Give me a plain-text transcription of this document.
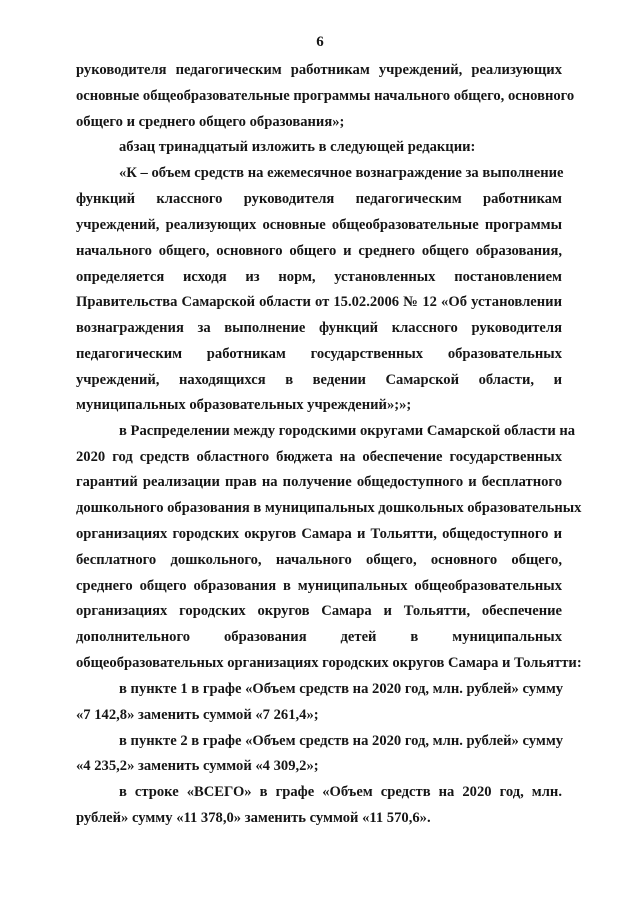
6
руководителя педагогическим работникам учреждений, реализующих
основные общеобразовательные программы начального общего, основного
общего и среднего общего образования»;
абзац тринадцатый изложить в следующей редакции:
«К – объем средств на ежемесячное вознаграждение за выполнение
функций классного руководителя педагогическим работникам
учреждений, реализующих основные общеобразовательные программы
начального общего, основного общего и среднего общего образования,
определяется исходя из норм, установленных постановлением
Правительства Самарской области от 15.02.2006 № 12 «Об установлении
вознаграждения за выполнение функций классного руководителя
педагогическим работникам государственных образовательных
учреждений, находящихся в ведении Самарской области, и
муниципальных образовательных учреждений»;»;
в Распределении между городскими округами Самарской области на
2020 год средств областного бюджета на обеспечение государственных
гарантий реализации прав на получение общедоступного и бесплатного
дошкольного образования в муниципальных дошкольных образовательных
организациях городских округов Самара и Тольятти, общедоступного и
бесплатного дошкольного, начального общего, основного общего,
среднего общего образования в муниципальных общеобразовательных
организациях городских округов Самара и Тольятти, обеспечение
дополнительного образования детей в муниципальных
общеобразовательных организациях городских округов Самара и Тольятти:
в пункте 1 в графе «Объем средств на 2020 год, млн. рублей» сумму
«7 142,8» заменить суммой «7 261,4»;
в пункте 2 в графе «Объем средств на 2020 год, млн. рублей» сумму
«4 235,2» заменить суммой «4 309,2»;
в строке «ВСЕГО» в графе «Объем средств на 2020 год, млн.
рублей» сумму «11 378,0» заменить суммой «11 570,6».
